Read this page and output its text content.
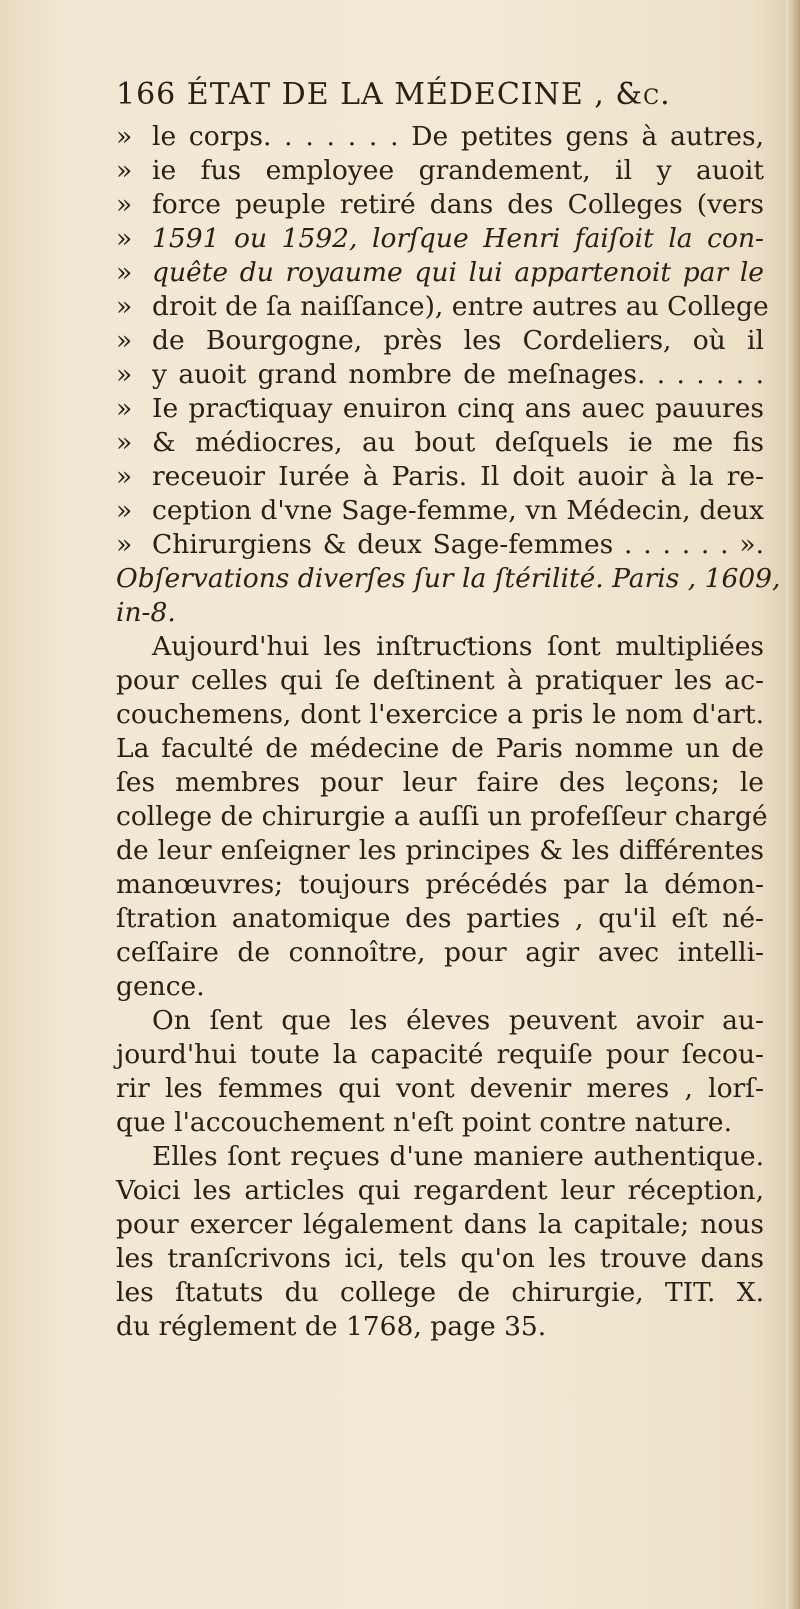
166 ÉTAT DE LA MÉDECINE , &c.
» le corps. . . . . . . De petites gens à autres,
» ie fus employee grandement, il y auoit
» force peuple retiré dans des Colleges (vers
» 1591 ou 1592, lorſque Henri faiſoit la con-
» quête du royaume qui lui appartenoit par le
» droit de ſa naiſſance), entre autres au College
» de Bourgogne, près les Cordeliers, où il
» y auoit grand nombre de meſnages. . . . . . .
» Ie praƈtiquay enuiron cinq ans auec pauures
» & médiocres, au bout deſquels ie me fis
» receuoir Iurée à Paris. Il doit auoir à la re-
» ception d'vne Sage-femme, vn Médecin, deux
» Chirurgiens & deux Sage-femmes . . . . . . ».
Obſervations diverſes ſur la ſtérilité. Paris , 1609,
in-8.
Aujourd'hui les inſtruƈtions ſont multipliées
pour celles qui ſe deſtinent à pratiquer les ac-
couchemens, dont l'exercice a pris le nom d'art.
La faculté de médecine de Paris nomme un de
ſes membres pour leur faire des leçons; le
college de chirurgie a auſſi un profeſſeur chargé
de leur enſeigner les principes & les différentes
manœuvres; toujours précédés par la démon-
ſtration anatomique des parties , qu'il eſt né-
ceſſaire de connoître, pour agir avec intelli-
gence.
On ſent que les éleves peuvent avoir au-
jourd'hui toute la capacité requiſe pour ſecou-
rir les femmes qui vont devenir meres , lorſ-
que l'accouchement n'eſt point contre nature.
Elles ſont reçues d'une maniere authentique.
Voici les articles qui regardent leur réception,
pour exercer légalement dans la capitale; nous
les tranſcrivons ici, tels qu'on les trouve dans
les ſtatuts du college de chirurgie, TIT. X.
du réglement de 1768, page 35.
